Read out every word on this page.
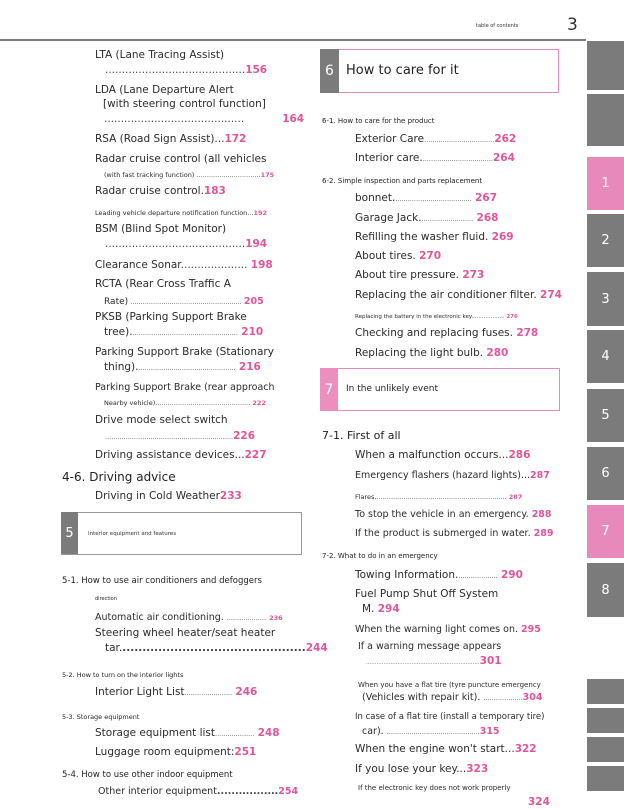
table of contents	3
LTA (Lane Tracing Assist)
..........................................156
LDA (Lane Departure Alert
[with steering control function]
..........................................	164
RSA (Road Sign Assist)...172
Radar cruise control (all vehicles
(with fast tracking function) ...............................175
Radar cruise control.183
Leading vehicle departure notification function...192
BSM (Blind Spot Monitor)
..........................................194
Clearance Sonar.................... 198
RCTA (Rear Cross Traffic A
Rate) ...................................................... 205
PKSB (Parking Support Brake
tree).................................................... 210
Parking Support Brake (Stationary
thing)................................................ 216
Parking Support Brake (rear approach
Nearby vehicle).............................................. 222
Drive mode select switch
..............................................................226
Driving assistance devices...227
4-6. Driving advice
Driving in Cold Weather233
5	Interior equipment and features
5-1. How to use air conditioners and defoggers
direction
Automatic air conditioning. ................... 236
Steering wheel heater/seat heater
tar...............................................244
5-2. How to turn on the interior lights
Interior Light List....................... 246
5-3. Storage equipment
Storage equipment list................... 248
Luggage room equipment:251
5-4. How to use other indoor equipment
Other interior equipment.................254
6 How to care for it
6-1. How to care for the product
Exterior Care..................................262
Interior care...................................264
6-2. Simple inspection and parts replacement
bonnet...................................... 267
Garage Jack.......................... 268
Refilling the washer fluid. 269
About tires. 270
About tire pressure. 273
Replacing the air conditioner filter. 274
Replacing the battery in the electronic key................... 276
Checking and replacing fuses. 278
Replacing the light bulb. 280
7	In the unlikely event
7-1. First of all
When a malfunction occurs...286
Emergency flashers (hazard lights)...287
Flares................................................................ 287
To stop the vehicle in an emergency. 288
If the product is submerged in water. 289
7-2. What to do in an emergency
Towing Information.................... 290
Fuel Pump Shut Off System
M. 294
When the warning light comes on. 295
If a warning message appears
.................................................................301
When you have a flat tire (tyre puncture emergency
(Vehicles with repair kit). ...................304
In case of a flat tire (install a temporary tire)
car). .............................................315
When the engine won't start...322
If you lose your key...323
If the electronic key does not work properly
324
1
2
3
4
5
6
7
8
